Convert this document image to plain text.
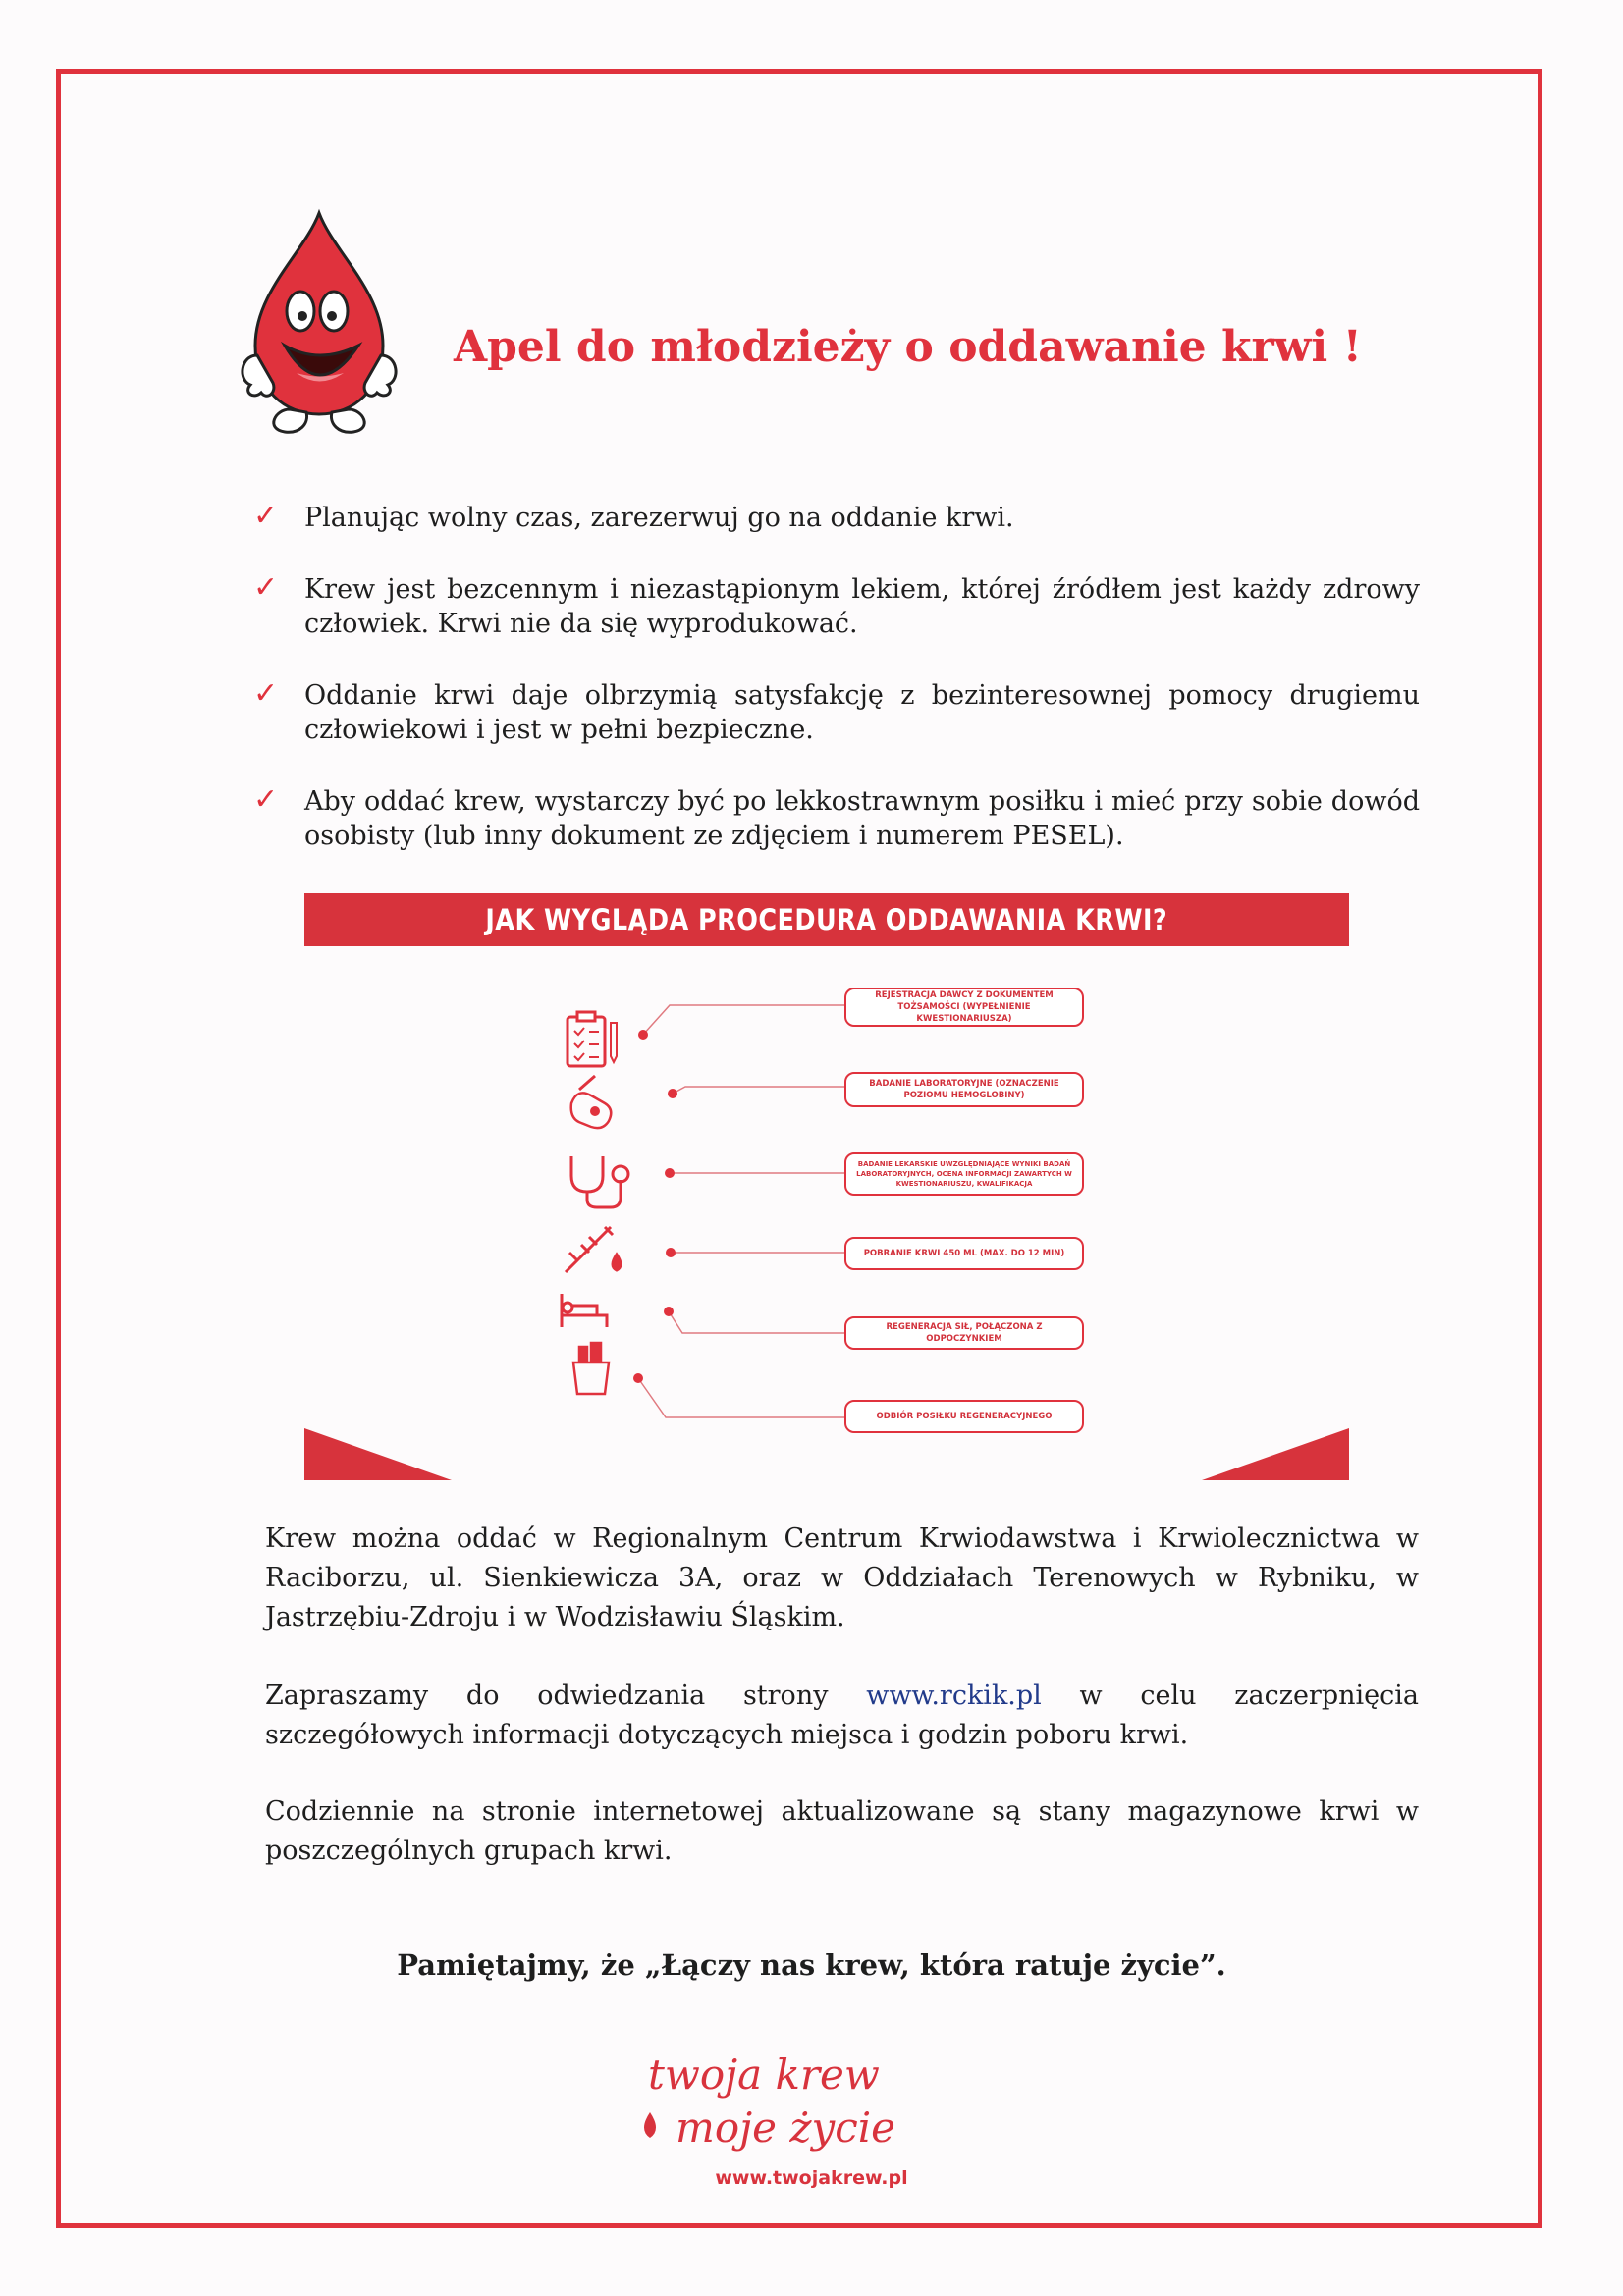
Apel do młodzieży o oddawanie krwi !
✓ Planując wolny czas, zarezerwuj go na oddanie krwi.
✓ Krew jest bezcennym i niezastąpionym lekiem, której źródłem jest każdy zdrowy człowiek. Krwi nie da się wyprodukować.
✓ Oddanie krwi daje olbrzymią satysfakcję z bezinteresownej pomocy drugiemu człowiekowi i jest w pełni bezpieczne.
✓ Aby oddać krew, wystarczy być po lekkostrawnym posiłku i mieć przy sobie dowód osobisty (lub inny dokument ze zdjęciem i numerem PESEL).
JAK WYGLĄDA PROCEDURA ODDAWANIA KRWI?
REJESTRACJA DAWCY Z DOKUMENTEM TOŻSAMOŚCI (WYPEŁNIENIE KWESTIONARIUSZA)
BADANIE LABORATORYJNE (OZNACZENIE POZIOMU HEMOGLOBINY)
BADANIE LEKARSKIE UWZGLĘDNIAJĄCE WYNIKI BADAŃ LABORATORYJNYCH, OCENA INFORMACJI ZAWARTYCH W KWESTIONARIUSZU, KWALIFIKACJA
POBRANIE KRWI 450 ML (MAX. DO 12 MIN)
REGENERACJA SIŁ, POŁĄCZONA Z ODPOCZYNKIEM
ODBIÓR POSIŁKU REGENERACYJNEGO

Krew można oddać w Regionalnym Centrum Krwiodawstwa i Krwiolecznictwa w Raciborzu, ul. Sienkiewicza 3A, oraz w Oddziałach Terenowych w Rybniku, w Jastrzębiu-Zdroju i w Wodzisławiu Śląskim.

Zapraszamy do odwiedzania strony www.rckik.pl w celu zaczerpnięcia szczegółowych informacji dotyczących miejsca i godzin poboru krwi.

Codziennie na stronie internetowej aktualizowane są stany magazynowe krwi w poszczególnych grupach krwi.

Pamiętajmy, że „Łączy nas krew, która ratuje życie”.

twoja krew
moje życie

www.twojakrew.pl
